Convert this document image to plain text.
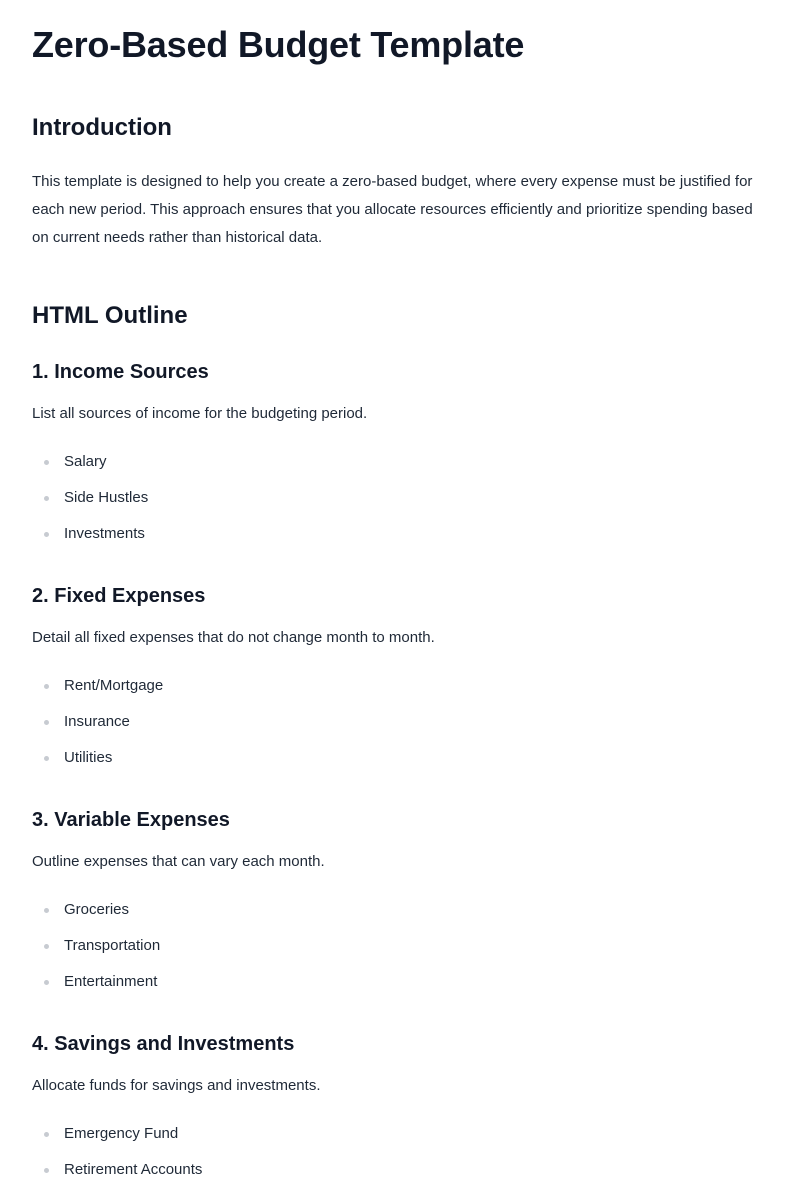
Zero-Based Budget Template
Introduction

This template is designed to help you create a zero-based budget, where every expense must be justified for each new period. This approach ensures that you allocate resources efficiently and prioritize spending based on current needs rather than historical data.

HTML Outline
1. Income Sources

List all sources of income for the budgeting period.

Salary
Side Hustles
Investments
2. Fixed Expenses

Detail all fixed expenses that do not change month to month.

Rent/Mortgage
Insurance
Utilities
3. Variable Expenses

Outline expenses that can vary each month.

Groceries
Transportation
Entertainment
4. Savings and Investments

Allocate funds for savings and investments.

Emergency Fund
Retirement Accounts
